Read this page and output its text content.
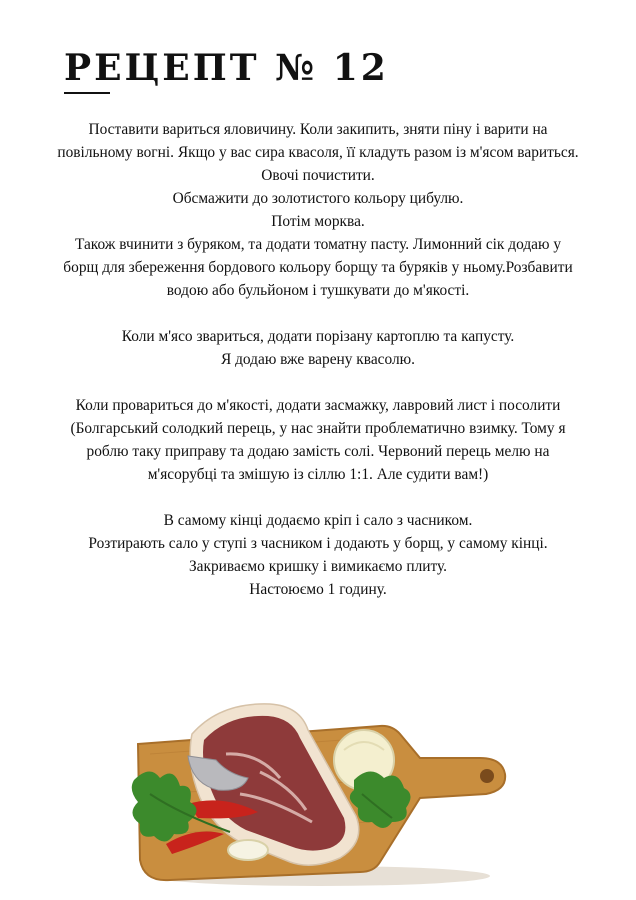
РЕЦЕПТ № 12

Поставити вариться яловичину. Коли закипить, зняти піну і варити на повільному вогні. Якщо у вас сира квасоля, її кладуть разом із м'ясом вариться.

Овочі почистити.

Обсмажити до золотистого кольору цибулю.

Потім морква.

Також вчинити з буряком, та додати томатну пасту. Лимонний сік додаю у борщ для збереження бордового кольору борщу та буряків у ньому.Розбавити водою або бульйоном і тушкувати до м'якості.

Коли м'ясо звариться, додати порізану картоплю та капусту.

Я додаю вже варену квасолю.

Коли провариться до м'якості, додати засмажку, лавровий лист і посолити (Болгарський солодкий перець, у нас знайти проблематично взимку. Тому я роблю таку приправу та додаю замість солі. Червоний перець мелю на м'ясорубці та змішую із сіллю 1:1. Але судити вам!)

В самому кінці додаємо кріп і сало з часником.

Розтирають сало у ступі з часником і додають у борщ, у самому кінці.

Закриваємо кришку і вимикаємо плиту.

Настоюємо 1 годину.
